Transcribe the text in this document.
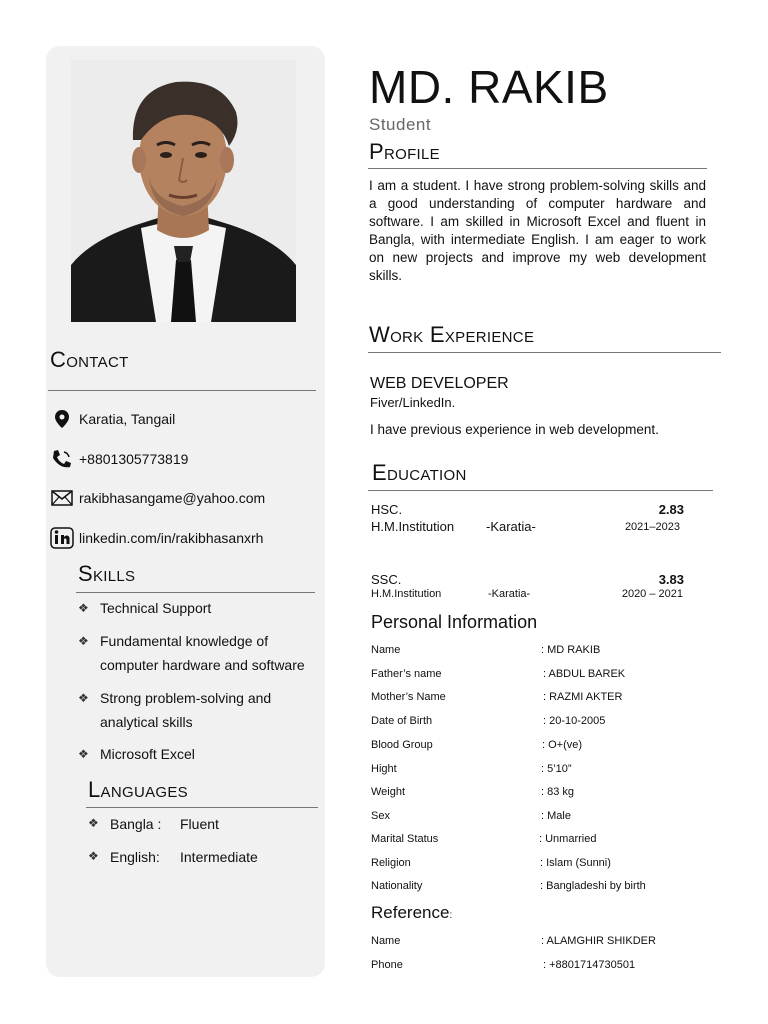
Contact
Karatia, Tangail
+8801305773819
rakibhasangame@yahoo.com
linkedin.com/in/rakibhasanxrh
Skills
❖ Technical Support
❖ Fundamental knowledge of
computer hardware and software
❖ Strong problem-solving and
analytical skills
❖ Microsoft Excel
Languages
❖ Bangla :	Fluent
❖ English:	Intermediate
MD. RAKIB
Student
Profile
I am a student. I have strong problem-solving skills and a good understanding of computer hardware and software. I am skilled in Microsoft Excel and fluent in Bangla, with intermediate English. I am eager to work on new projects and improve my web development skills.
Work Experience
WEB DEVELOPER
Fiver/LinkedIn.
I have previous experience in web development.
Education
HSC.	2.83
H.M.Institution -Karatia-	2021–2023
SSC.	3.83
H.M.Institution	-Karatia-	2020 – 2021
Personal Information
Name	: MD RAKIB
Father’s name	: ABDUL BAREK
Mother’s Name	: RAZMI AKTER
Date of Birth	: 20-10-2005
Blood Group	: O+(ve)
Hight	: 5’10”
Weight	: 83 kg
Sex	: Male
Marital Status	: Unmarried
Religion	: Islam (Sunni)
Nationality	: Bangladeshi by birth
Reference:
Name	: ALAMGHIR SHIKDER
Phone	: +8801714730501
